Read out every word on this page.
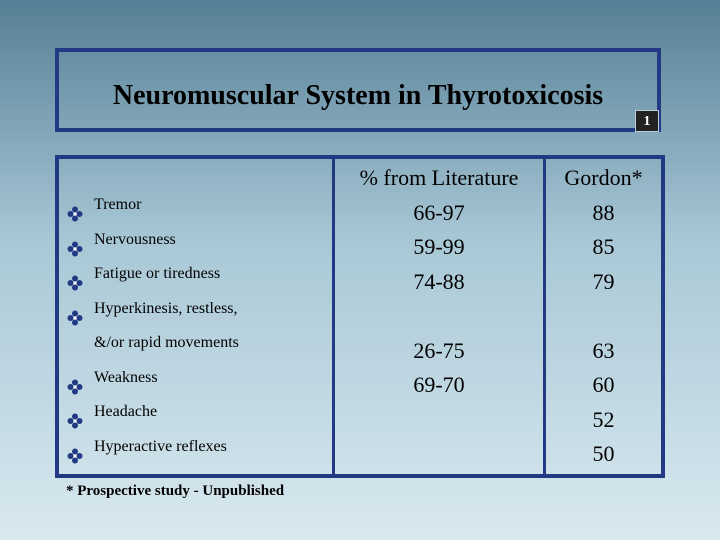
Neuromuscular System in Thyrotoxicosis
1
% from Literature
66-97
59-99
74-88
26-75
69-70
Gordon*
88
85
79
63
60
52
50
Tremor
Nervousness
Fatigue or tiredness
Hyperkinesis, restless,
&/or rapid movements
Weakness
Headache
Hyperactive reflexes
* Prospective study - Unpublished
